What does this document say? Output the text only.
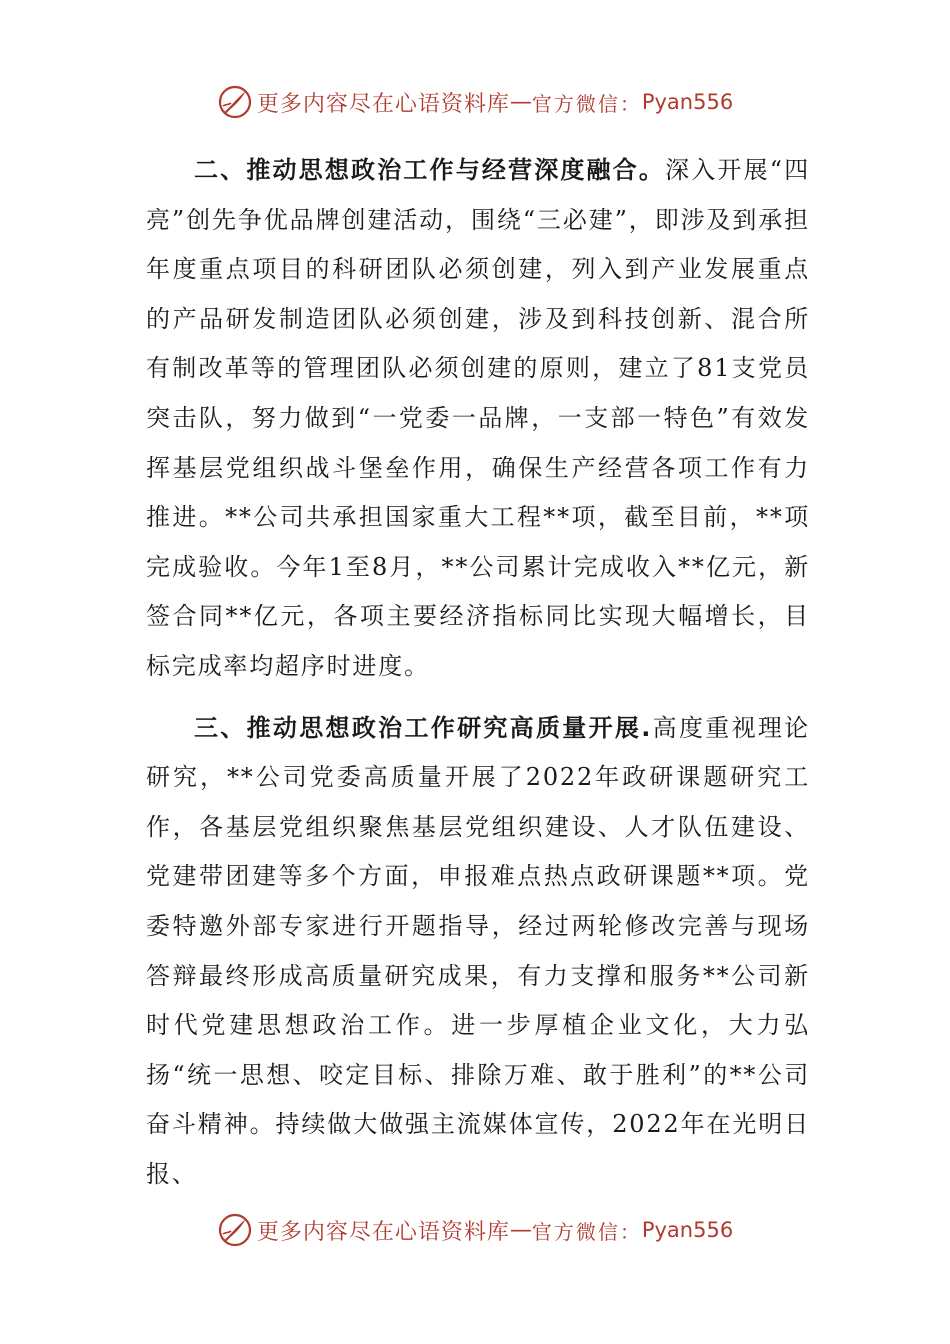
更多内容尽在心语资料库 — 官方微信： Pyan556

二、推动思想政治工作与经营深度融合。深入开展“四亮”创先争优品牌创建活动，围绕“三必建”，即涉及到承担年度重点项目的科研团队必须创建，列入到产业发展重点的产品研发制造团队必须创建，涉及到科技创新、混合所有制改革等的管理团队必须创建的原则，建立了81支党员突击队，努力做到“一党委一品牌，一支部一特色”有效发挥基层党组织战斗堡垒作用，确保生产经营各项工作有力推进。**公司共承担国家重大工程**项，截至目前，**项完成验收。今年1至8月，**公司累计完成收入**亿元，新签合同**亿元，各项主要经济指标同比实现大幅增长，目标完成率均超序时进度。

三、推动思想政治工作研究高质量开展.高度重视理论研究，**公司党委高质量开展了2022年政研课题研究工作，各基层党组织聚焦基层党组织建设、人才队伍建设、党建带团建等多个方面，申报难点热点政研课题**项。党委特邀外部专家进行开题指导，经过两轮修改完善与现场答辩最终形成高质量研究成果，有力支撑和服务**公司新时代党建思想政治工作。进一步厚植企业文化，大力弘扬“统一思想、咬定目标、排除万难、敢于胜利”的**公司奋斗精神。持续做大做强主流媒体宣传，2022年在光明日报、

更多内容尽在心语资料库 — 官方微信： Pyan556
